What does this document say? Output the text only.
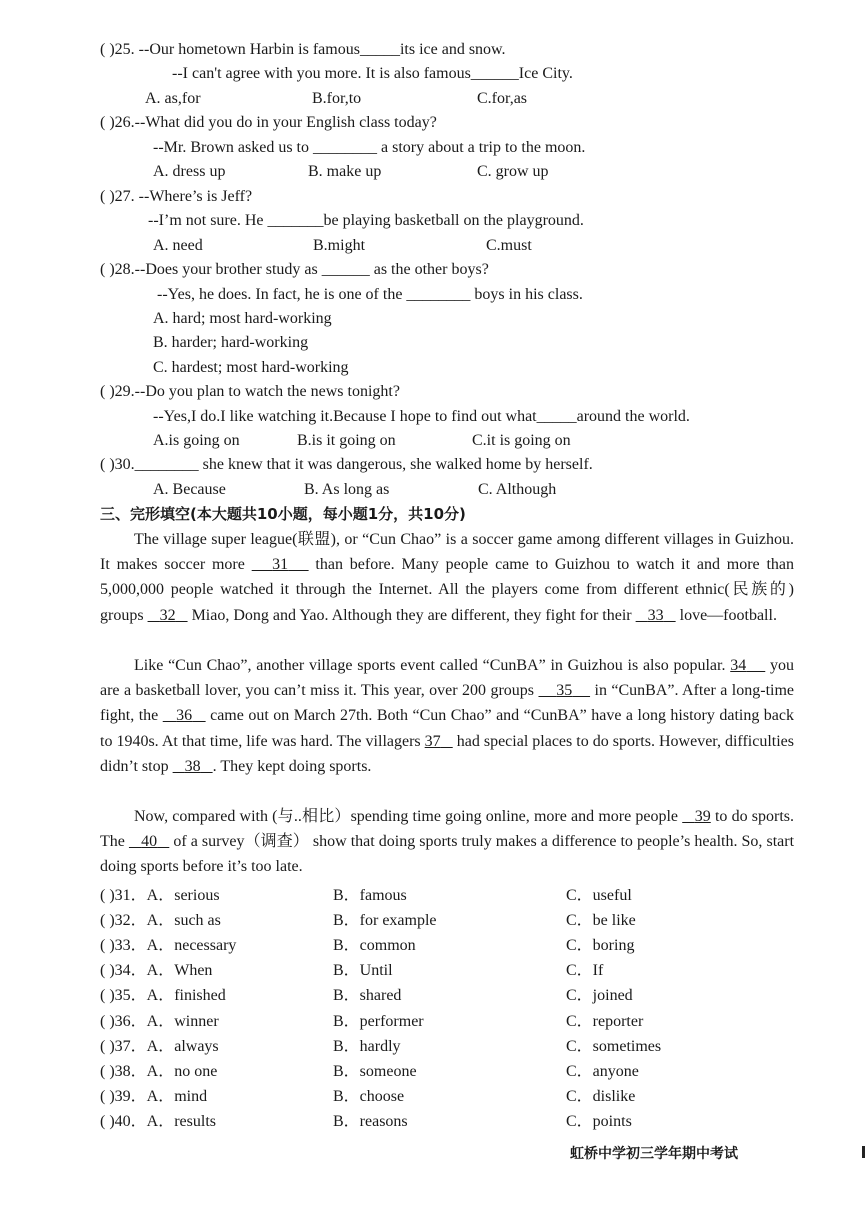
( )25. --Our hometown Harbin is famous_____its ice and snow.
--I can't agree with you more. It is also famous______Ice City.
A. as,for	B.for,to	C.for,as
( )26.--What did you do in your English class today?
--Mr. Brown asked us to ________ a story about a trip to the moon.
A. dress up	B. make up	C. grow up
( )27. --Where’s is Jeff?
--I’m not sure. He _______be playing basketball on the playground.
A. need	B.might	C.must
( )28.--Does your brother study as ______ as the other boys?
--Yes, he does. In fact, he is one of the ________ boys in his class.
A. hard; most hard-working
B. harder; hard-working
C. hardest; most hard-working
( )29.--Do you plan to watch the news tonight?
--Yes,I do.I like watching it.Because I hope to find out what_____around the world.
A.is going on	B.is it going on	C.it is going on
( )30.________ she knew that it was dangerous, she walked home by herself.
A. Because	B. As long as	C. Although
三、完形填空(本大题共10小题，每小题1分，共10分)
The village super league(联盟), or “Cun Chao” is a soccer game among different villages in Guizhou. It makes soccer more    31    than before. Many people came to Guizhou to watch it and more than 5,000,000 people watched it through the Internet. All the players come from different ethnic(民族的) groups    32    Miao, Dong and Yao. Although they are different, they fight for their    33    love—football.
Like “Cun Chao”, another village sports event called “CunBA” in Guizhou is also popular. 34     you are a basketball lover, you can’t miss it. This year, over 200 groups     35     in “CunBA”. After a long-time fight, the    36    came out on March 27th. Both “Cun Chao” and “CunBA” have a long history dating back to 1940s. At that time, life was hard. The villagers 37    had special places to do sports. However, difficulties didn’t stop    38 . They kept doing sports.
Now, compared with (与..相比）spending time going online, more and more people    39 to do sports. The    40    of a survey（调查） show that doing sports truly makes a difference to people’s health. So, start doing sports before it’s too late.
( )31．A．serious	B．famous	C．useful
( )32．A．such as	B．for example	C．be like
( )33．A．necessary	B．common	C．boring
( )34．A．When	B．Until	C．If
( )35．A．finished	B．shared	C．joined
( )36．A．winner	B．performer	C．reporter
( )37．A．always	B．hardly	C．sometimes
( )38．A．no one	B．someone	C．anyone
( )39．A．mind	B．choose	C．dislike
( )40．A．results	B．reasons	C．points
虹桥中学初三学年期中考试
